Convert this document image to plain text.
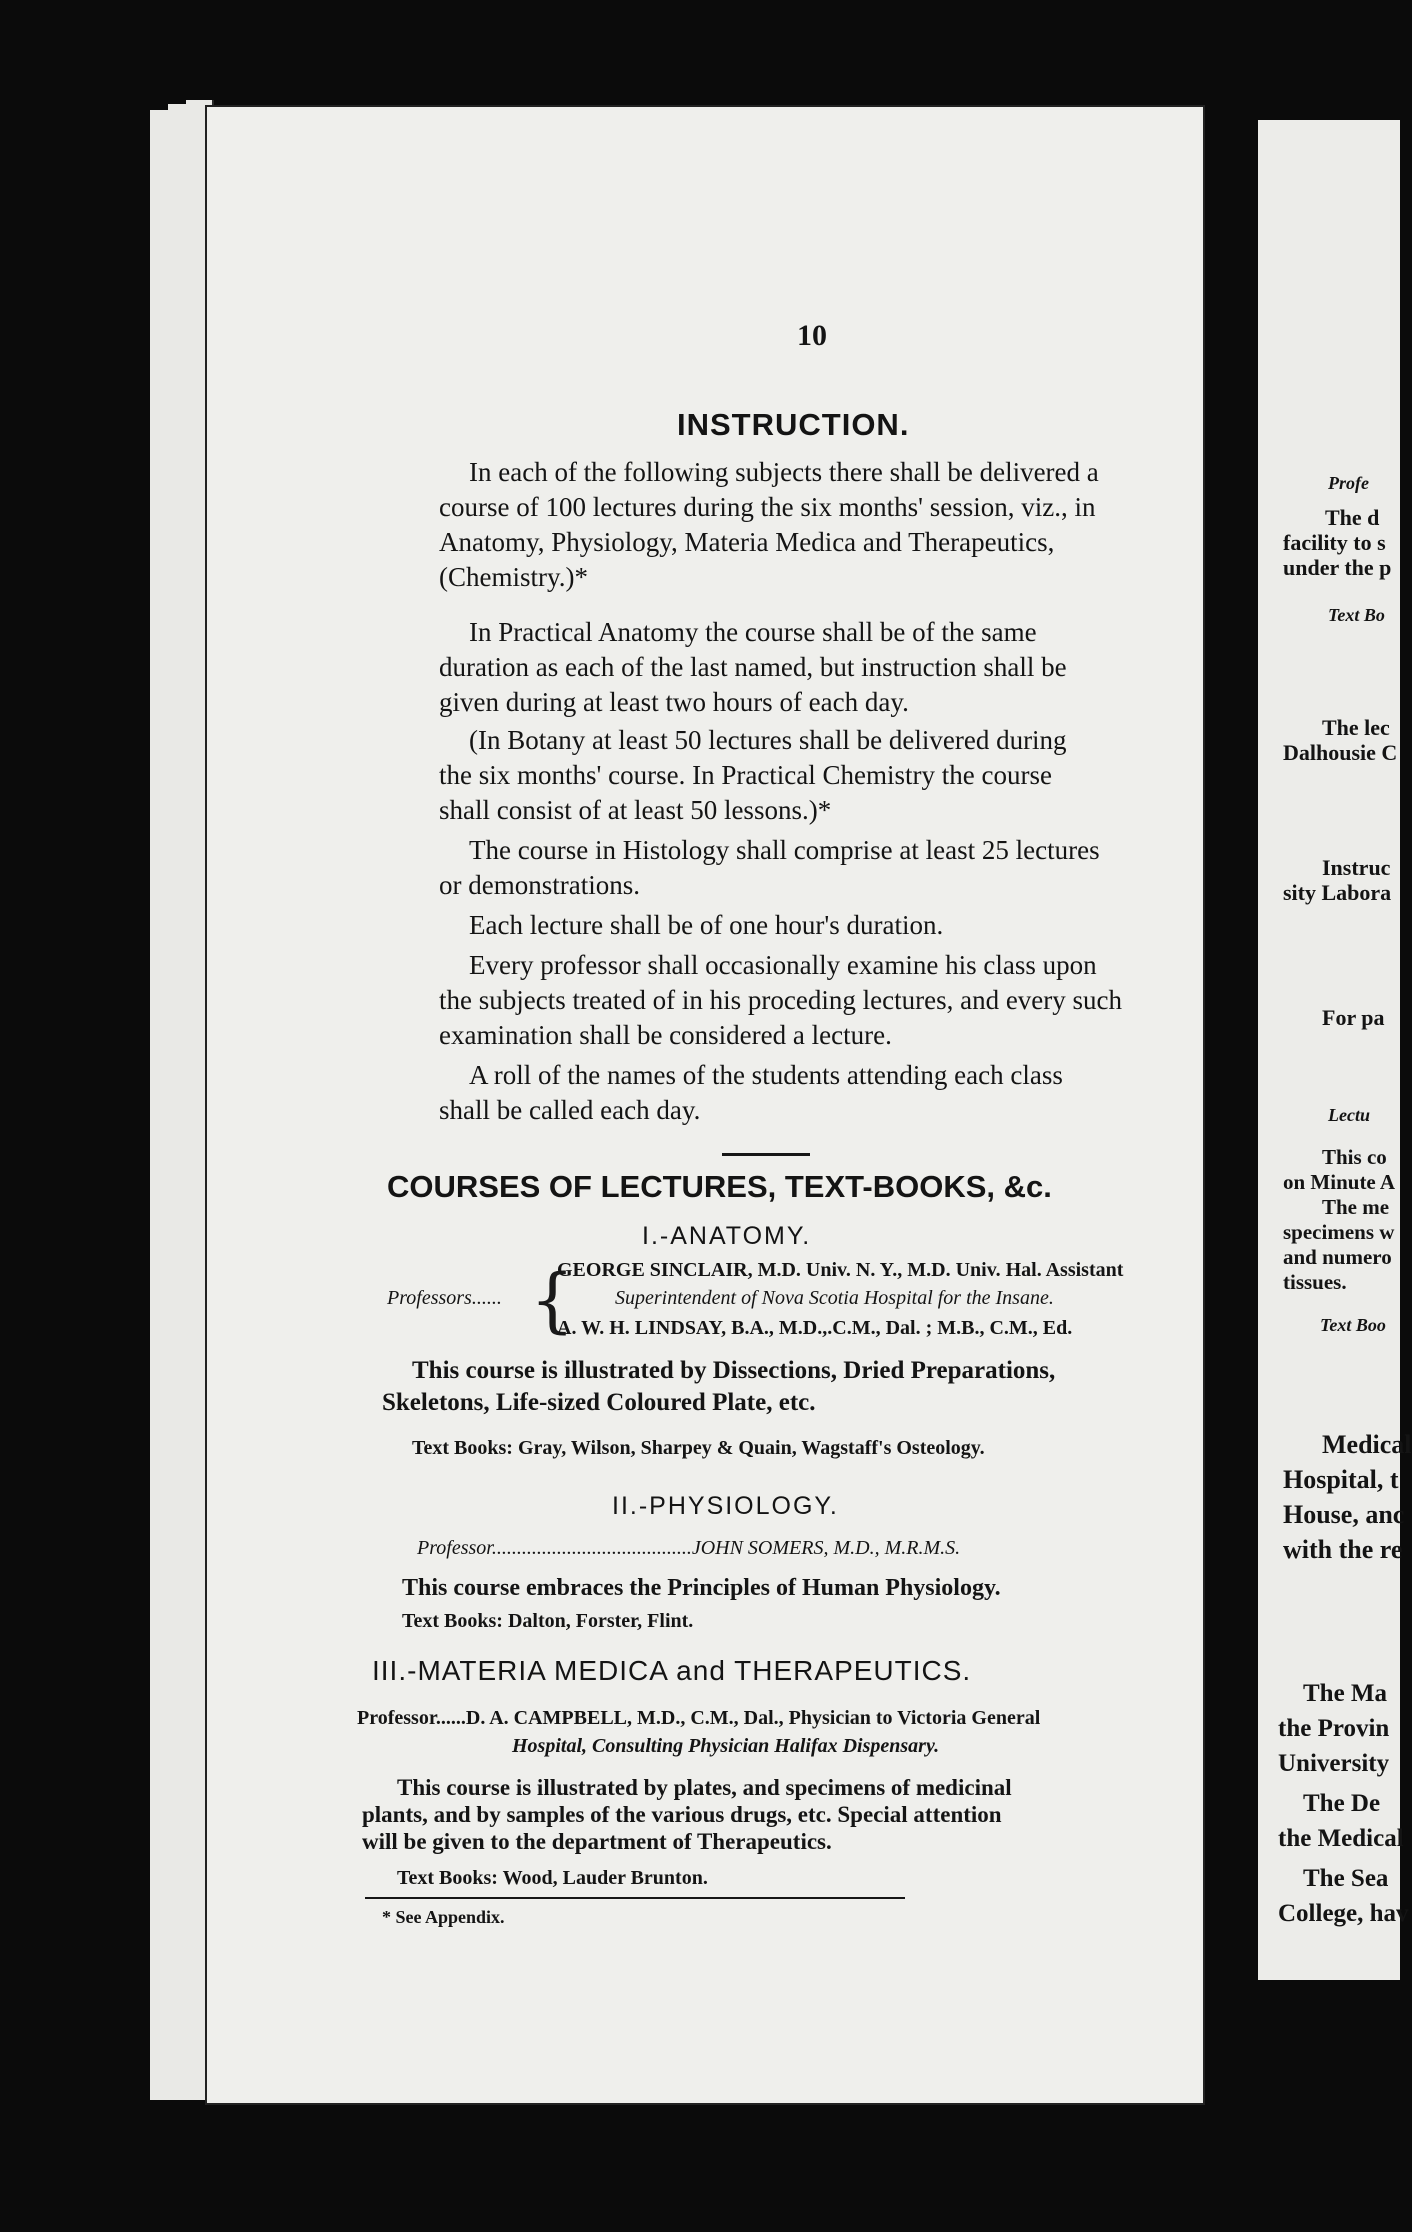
10
INSTRUCTION.
In each of the following subjects there shall be delivered a
course of 100 lectures during the six months' session, viz., in
Anatomy, Physiology, Materia Medica and Therapeutics,
(Chemistry.)*
In Practical Anatomy the course shall be of the same
duration as each of the last named, but instruction shall be
given during at least two hours of each day.
(In Botany at least 50 lectures shall be delivered during
the six months' course. In Practical Chemistry the course
shall consist of at least 50 lessons.)*
The course in Histology shall comprise at least 25 lectures
or demonstrations.
Each lecture shall be of one hour's duration.
Every professor shall occasionally examine his class upon
the subjects treated of in his proceding lectures, and every such
examination shall be considered a lecture.
A roll of the names of the students attending each class
shall be called each day.
COURSES OF LECTURES, TEXT-BOOKS, &c.
I.-ANATOMY.
Professors...... {
GEORGE SINCLAIR, M.D. Univ. N. Y., M.D. Univ. Hal. Assistant
Superintendent of Nova Scotia Hospital for the Insane.
A. W. H. LINDSAY, B.A., M.D.,.C.M., Dal. ; M.B., C.M., Ed.
This course is illustrated by Dissections, Dried Preparations,
Skeletons, Life-sized Coloured Plate, etc.
Text Books: Gray, Wilson, Sharpey & Quain, Wagstaff's Osteology.
II.-PHYSIOLOGY.
Professor........................................JOHN SOMERS, M.D., M.R.M.S.
This course embraces the Principles of Human Physiology.
Text Books: Dalton, Forster, Flint.
III.-MATERIA MEDICA and THERAPEUTICS.
Professor......D. A. CAMPBELL, M.D., C.M., Dal., Physician to Victoria General
Hospital, Consulting Physician Halifax Dispensary.
This course is illustrated by plates, and specimens of medicinal
plants, and by samples of the various drugs, etc. Special attention
will be given to the department of Therapeutics.
Text Books: Wood, Lauder Brunton.
* See Appendix.
Profe
The d
facility to s
under the p
Text Bo
The lec
Dalhousie C
Instruc
sity Labora
For pa
Lectu
This co
on Minute A
The me
specimens w
and numero
tissues.
Text Boo
Medical
Hospital, t
House, anc
with the re
The Ma
the Provin
University
The De
the Medical
The Sea
College, hav
